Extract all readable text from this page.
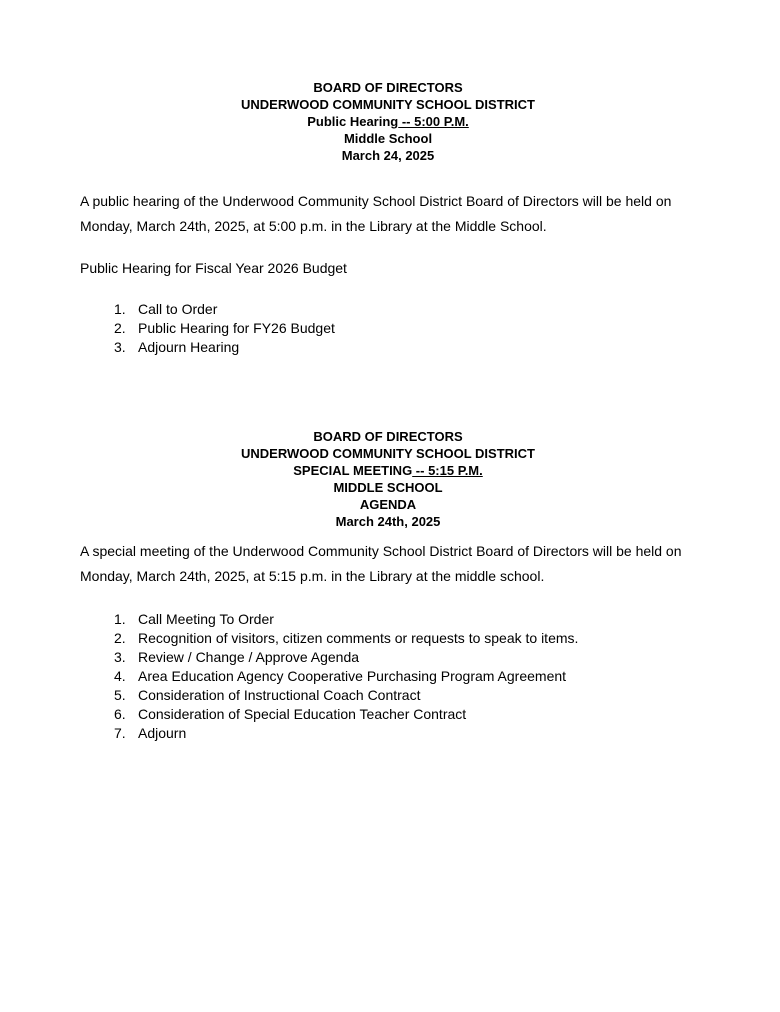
BOARD OF DIRECTORS
UNDERWOOD COMMUNITY SCHOOL DISTRICT
Public Hearing -- 5:00 P.M.
Middle School
March 24, 2025
A public hearing of the Underwood Community School District Board of Directors will be held on Monday, March 24th, 2025, at 5:00 p.m. in the Library at the Middle School.
Public Hearing for Fiscal Year 2026 Budget
1. Call to Order
2. Public Hearing for FY26 Budget
3. Adjourn Hearing
BOARD OF DIRECTORS
UNDERWOOD COMMUNITY SCHOOL DISTRICT
SPECIAL MEETING -- 5:15 P.M.
MIDDLE SCHOOL
AGENDA
March 24th, 2025
A special meeting of the Underwood Community School District Board of Directors will be held on Monday, March 24th, 2025, at 5:15 p.m. in the Library at the middle school.
1. Call Meeting To Order
2. Recognition of visitors, citizen comments or requests to speak to items.
3. Review / Change / Approve Agenda
4. Area Education Agency Cooperative Purchasing Program Agreement
5. Consideration of Instructional Coach Contract
6. Consideration of Special Education Teacher Contract
7. Adjourn
